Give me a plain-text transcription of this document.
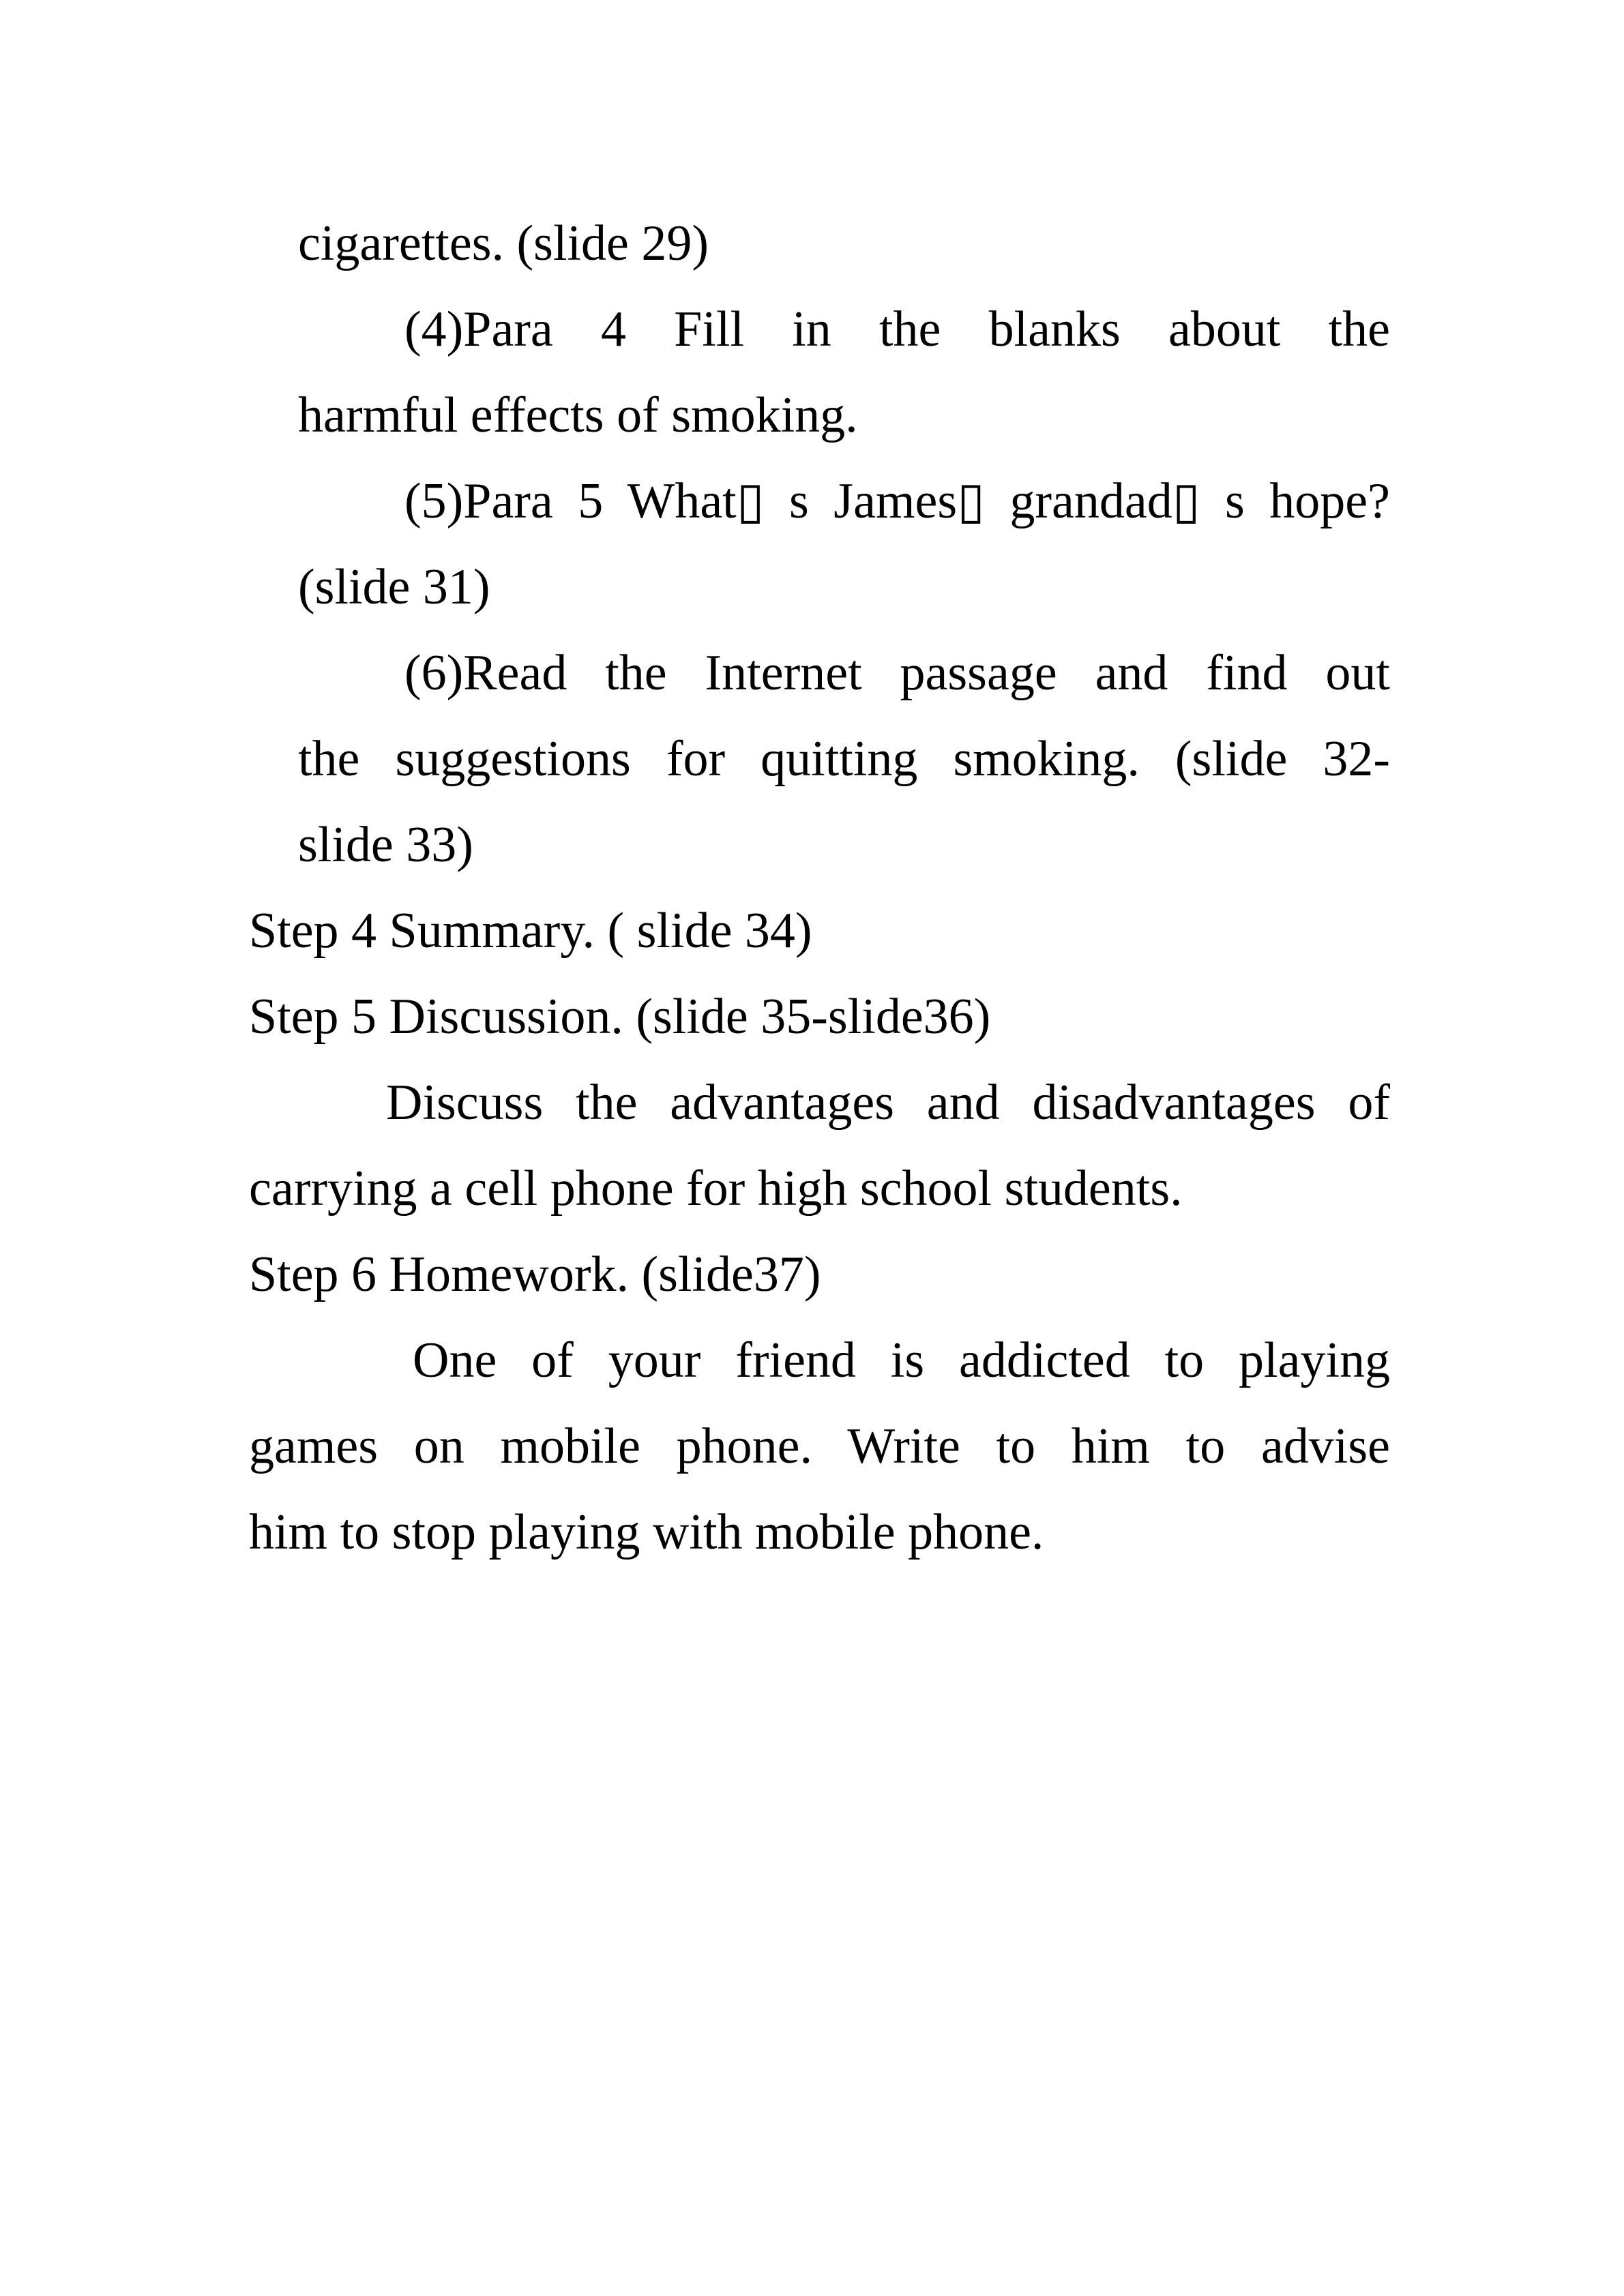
cigarettes. (slide 29)
(4)Para 4 Fill in the blanks about the
harmful effects of smoking.
(5)Para 5 What▯ s James▯ grandad▯ s hope?
(slide 31)
(6)Read the Internet passage and find out
the suggestions for quitting smoking. (slide 32-
slide 33)
Step 4 Summary. ( slide 34)
Step 5 Discussion. (slide 35-slide36)
Discuss the advantages and disadvantages of
carrying a cell phone for high school students.
Step 6 Homework. (slide37)
One of your friend is addicted to playing
games on mobile phone. Write to him to advise
him to stop playing with mobile phone.
